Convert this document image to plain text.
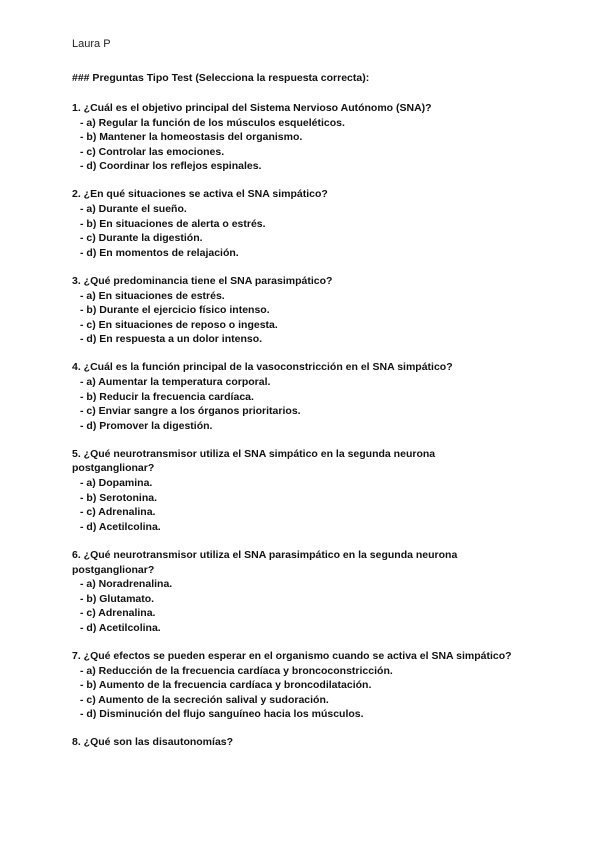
Laura P
### Preguntas Tipo Test (Selecciona la respuesta correcta):
1. ¿Cuál es el objetivo principal del Sistema Nervioso Autónomo (SNA)?
- a) Regular la función de los músculos esqueléticos.
- b) Mantener la homeostasis del organismo.
- c) Controlar las emociones.
- d) Coordinar los reflejos espinales.
2. ¿En qué situaciones se activa el SNA simpático?
- a) Durante el sueño.
- b) En situaciones de alerta o estrés.
- c) Durante la digestión.
- d) En momentos de relajación.
3. ¿Qué predominancia tiene el SNA parasimpático?
- a) En situaciones de estrés.
- b) Durante el ejercicio físico intenso.
- c) En situaciones de reposo o ingesta.
- d) En respuesta a un dolor intenso.
4. ¿Cuál es la función principal de la vasoconstricción en el SNA simpático?
- a) Aumentar la temperatura corporal.
- b) Reducir la frecuencia cardíaca.
- c) Enviar sangre a los órganos prioritarios.
- d) Promover la digestión.
5. ¿Qué neurotransmisor utiliza el SNA simpático en la segunda neurona postganglionar?
- a) Dopamina.
- b) Serotonina.
- c) Adrenalina.
- d) Acetilcolina.
6. ¿Qué neurotransmisor utiliza el SNA parasimpático en la segunda neurona postganglionar?
- a) Noradrenalina.
- b) Glutamato.
- c) Adrenalina.
- d) Acetilcolina.
7. ¿Qué efectos se pueden esperar en el organismo cuando se activa el SNA simpático?
- a) Reducción de la frecuencia cardíaca y broncoconstricción.
- b) Aumento de la frecuencia cardíaca y broncodilatación.
- c) Aumento de la secreción salival y sudoración.
- d) Disminución del flujo sanguíneo hacia los músculos.
8. ¿Qué son las disautonomías?
